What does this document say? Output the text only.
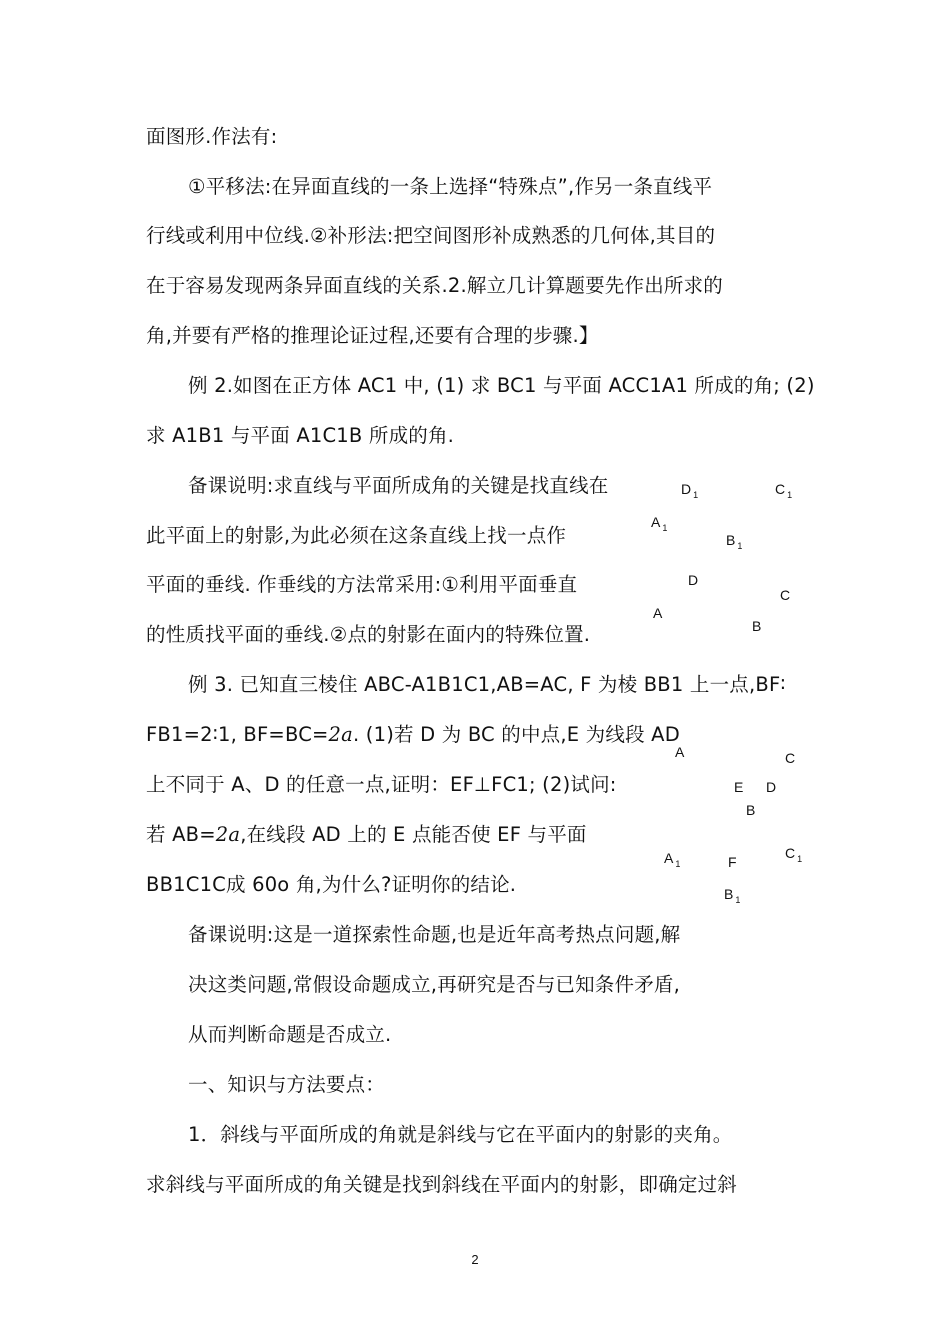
面图形.作法有:

①平移法:在异面直线的一条上选择“特殊点”,作另一条直线平

行线或利用中位线.②补形法:把空间图形补成熟悉的几何体,其目的

在于容易发现两条异面直线的关系.2.解立几计算题要先作出所求的

角,并要有严格的推理论证过程,还要有合理的步骤.】

例 2.如图在正方体 AC1 中, (1) 求 BC1 与平面 ACC1A1 所成的角; (2)

求 A1B1 与平面 A1C1B 所成的角.

备课说明:求直线与平面所成角的关键是找直线在

此平面上的射影,为此必须在这条直线上找一点作

平面的垂线. 作垂线的方法常采用:①利用平面垂直

的性质找平面的垂线.②点的射影在面内的特殊位置.

例 3. 已知直三棱住 ABC-A1B1C1,AB=AC, F 为棱 BB1 上一点,BF∶

FB1=2∶1, BF=BC=2a. (1)若 D 为 BC 的中点,E 为线段 AD

上不同于 A、D 的任意一点,证明：EF⊥FC1; (2)试问:

若 AB=2a,在线段 AD 上的 E 点能否使 EF 与平面

BB1C1C成 60o 角,为什么?证明你的结论.

备课说明:这是一道探索性命题,也是近年高考热点问题,解

决这类问题,常假设命题成立,再研究是否与已知条件矛盾,

从而判断命题是否成立.

一、知识与方法要点：

1．斜线与平面所成的角就是斜线与它在平面内的射影的夹角。

求斜线与平面所成的角关键是找到斜线在平面内的射影，即确定过斜

D $_1$	C $_1$
A $_1$
B $_1$
D
C
A
B
A	C
E D
B
A $_1$	F
C $_1$
B $_1$
2
